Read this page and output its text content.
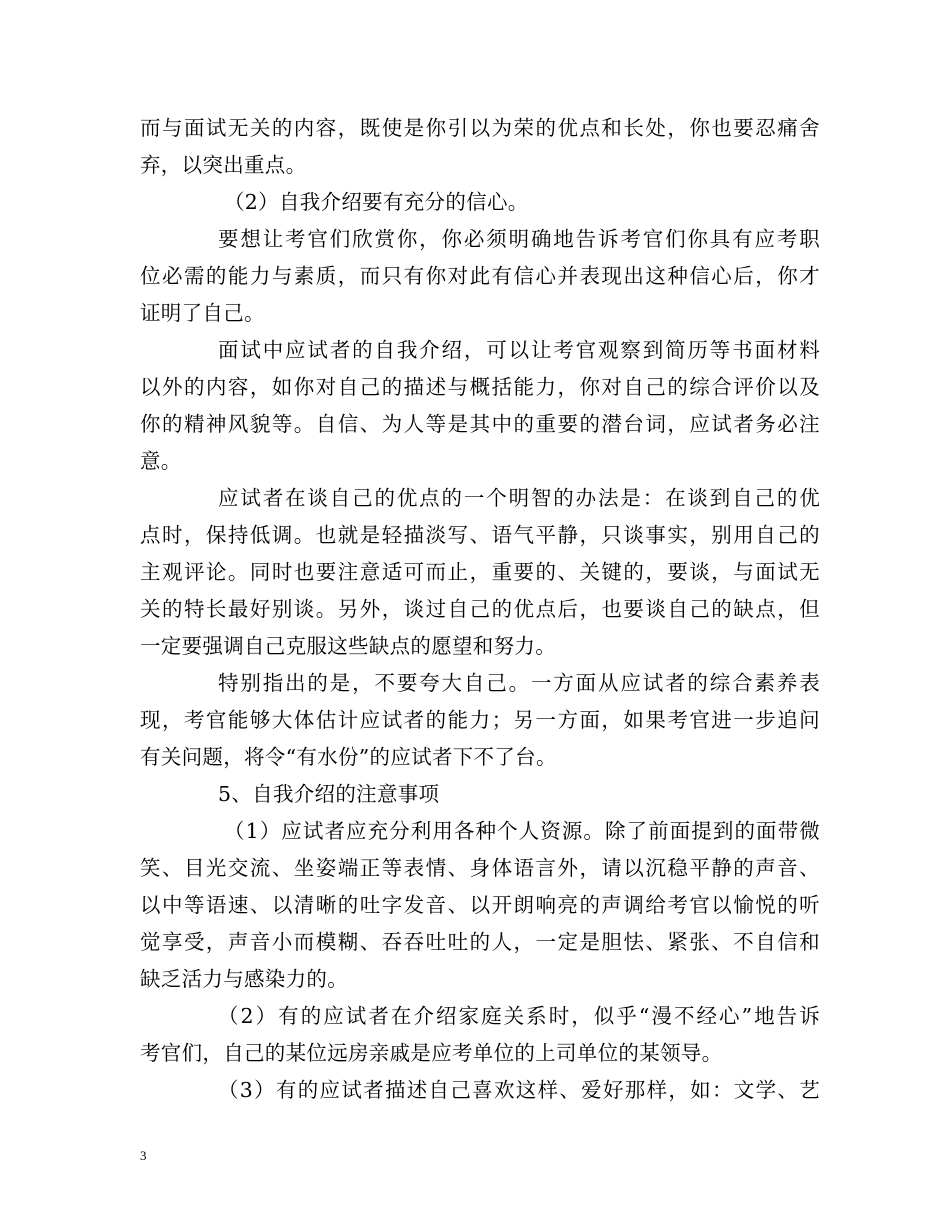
而与面试无关的内容，既使是你引以为荣的优点和长处，你也要忍痛舍
弃，以突出重点。
（2）自我介绍要有充分的信心。
要想让考官们欣赏你，你必须明确地告诉考官们你具有应考职
位必需的能力与素质，而只有你对此有信心并表现出这种信心后，你才
证明了自己。
面试中应试者的自我介绍，可以让考官观察到简历等书面材料
以外的内容，如你对自己的描述与概括能力，你对自己的综合评价以及
你的精神风貌等。自信、为人等是其中的重要的潜台词，应试者务必注
意。
应试者在谈自己的优点的一个明智的办法是：在谈到自己的优
点时，保持低调。也就是轻描淡写、语气平静，只谈事实，别用自己的
主观评论。同时也要注意适可而止，重要的、关键的，要谈，与面试无
关的特长最好别谈。另外，谈过自己的优点后，也要谈自己的缺点，但
一定要强调自己克服这些缺点的愿望和努力。
特别指出的是，不要夸大自己。一方面从应试者的综合素养表
现，考官能够大体估计应试者的能力；另一方面，如果考官进一步追问
有关问题，将令“有水份”的应试者下不了台。
5、自我介绍的注意事项
（1）应试者应充分利用各种个人资源。除了前面提到的面带微
笑、目光交流、坐姿端正等表情、身体语言外，请以沉稳平静的声音、
以中等语速、以清晰的吐字发音、以开朗响亮的声调给考官以愉悦的听
觉享受，声音小而模糊、吞吞吐吐的人，一定是胆怯、紧张、不自信和
缺乏活力与感染力的。
（2）有的应试者在介绍家庭关系时，似乎“漫不经心”地告诉
考官们，自己的某位远房亲戚是应考单位的上司单位的某领导。
（3）有的应试者描述自己喜欢这样、爱好那样，如：文学、艺
3
